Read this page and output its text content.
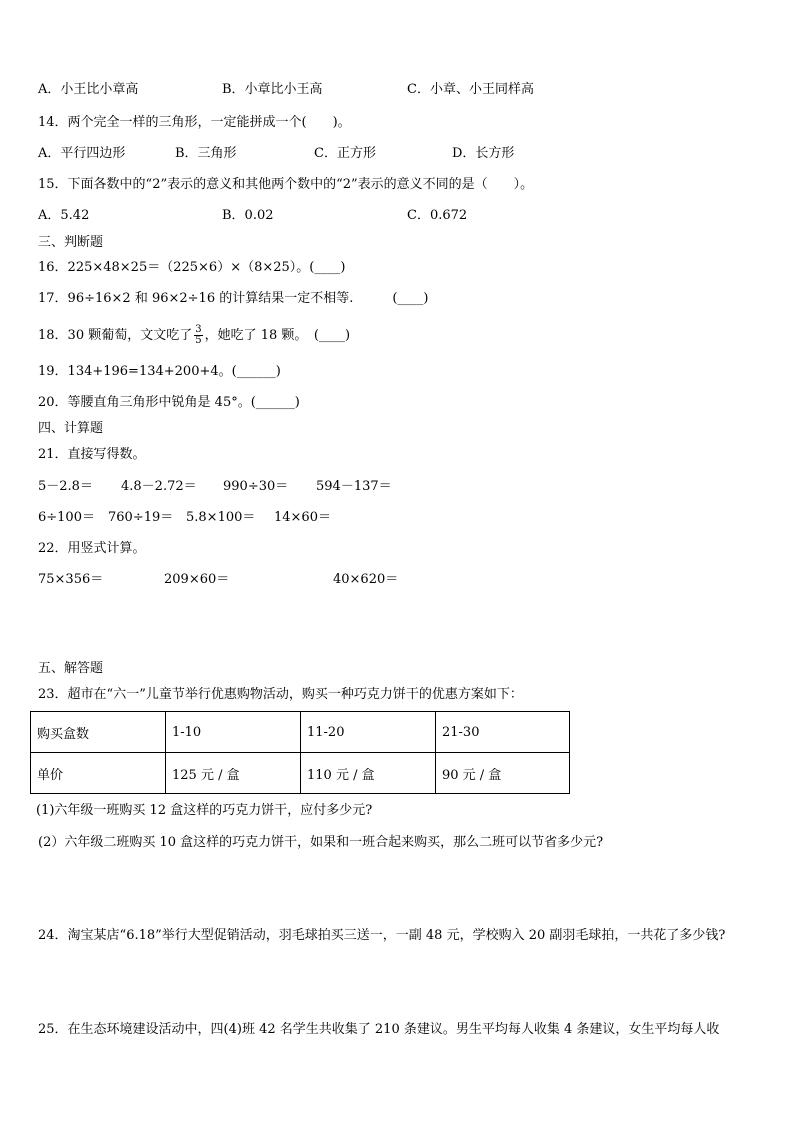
A．小王比小章高	B．小章比小王高	C．小章、小王同样高
14．两个完全一样的三角形，一定能拼成一个(　　)。
A．平行四边形	B．三角形	C．正方形	D．长方形
15．下面各数中的“2”表示的意义和其他两个数中的“2”表示的意义不同的是（　　）。
A．5.42	B．0.02	C．0.672
三、判断题
16．225×48×25＝（225×6）×（8×25）。(____)
17．96÷16×2 和 96×2÷16 的计算结果一定不相等.　　　(____)
18．30 颗葡萄，文文吃了 $\frac{3}{5}$ ，她吃了 18 颗。　(____)
19．134+196=134+200+4。(______)
20．等腰直角三角形中锐角是 45°。(______)
四、计算题
21．直接写得数。
5－2.8＝ 4.8－2.72＝ 990÷30＝ 594－137＝
6÷100＝ 760÷19＝ 5.8×100＝ 14×60＝
22．用竖式计算。
75×356＝	209×60＝	40×620＝
五、解答题
23．超市在“六一”儿童节举行优惠购物活动，购买一种巧克力饼干的优惠方案如下：
购买盒数	1-10	11-20	21-30
单价	125 元 / 盒	110 元 / 盒	90 元 / 盒
(1)六年级一班购买 12 盒这样的巧克力饼干，应付多少元?
(2）六年级二班购买 10 盒这样的巧克力饼干，如果和一班合起来购买，那么二班可以节省多少元?
24．淘宝某店“6.18”举行大型促销活动，羽毛球拍买三送一，一副 48 元，学校购入 20 副羽毛球拍，一共花了多少钱?
25．在生态环境建设活动中，四(4)班 42 名学生共收集了 210 条建议。男生平均每人收集 4 条建议，女生平均每人收
